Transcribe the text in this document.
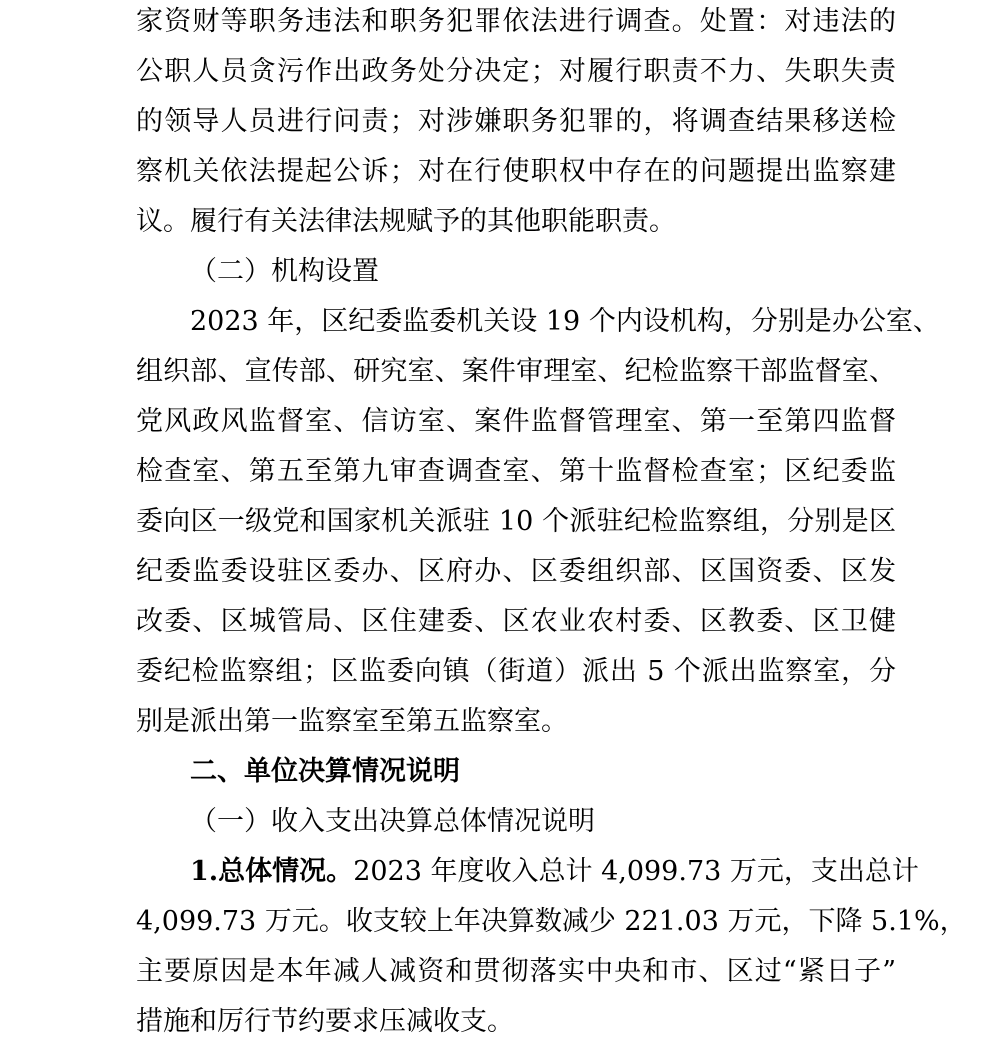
家资财等职务违法和职务犯罪依法进行调查。处置：对违法的
公职人员贪污作出政务处分决定；对履行职责不力、失职失责
的领导人员进行问责；对涉嫌职务犯罪的，将调查结果移送检
察机关依法提起公诉；对在行使职权中存在的问题提出监察建
议。履行有关法律法规赋予的其他职能职责。
（二）机构设置
2023 年，区纪委监委机关设 19 个内设机构，分别是办公室、
组织部、宣传部、研究室、案件审理室、纪检监察干部监督室、
党风政风监督室、信访室、案件监督管理室、第一至第四监督
检查室、第五至第九审查调查室、第十监督检查室；区纪委监
委向区一级党和国家机关派驻 10 个派驻纪检监察组，分别是区
纪委监委设驻区委办、区府办、区委组织部、区国资委、区发
改委、区城管局、区住建委、区农业农村委、区教委、区卫健
委纪检监察组；区监委向镇（街道）派出 5 个派出监察室，分
别是派出第一监察室至第五监察室。
二、单位决算情况说明
（一）收入支出决算总体情况说明
1.总体情况。2023 年度收入总计 4,099.73 万元，支出总计
4,099.73 万元。收支较上年决算数减少 221.03 万元，下降 5.1%，
主要原因是本年减人减资和贯彻落实中央和市、区过“紧日子”
措施和厉行节约要求压减收支。
